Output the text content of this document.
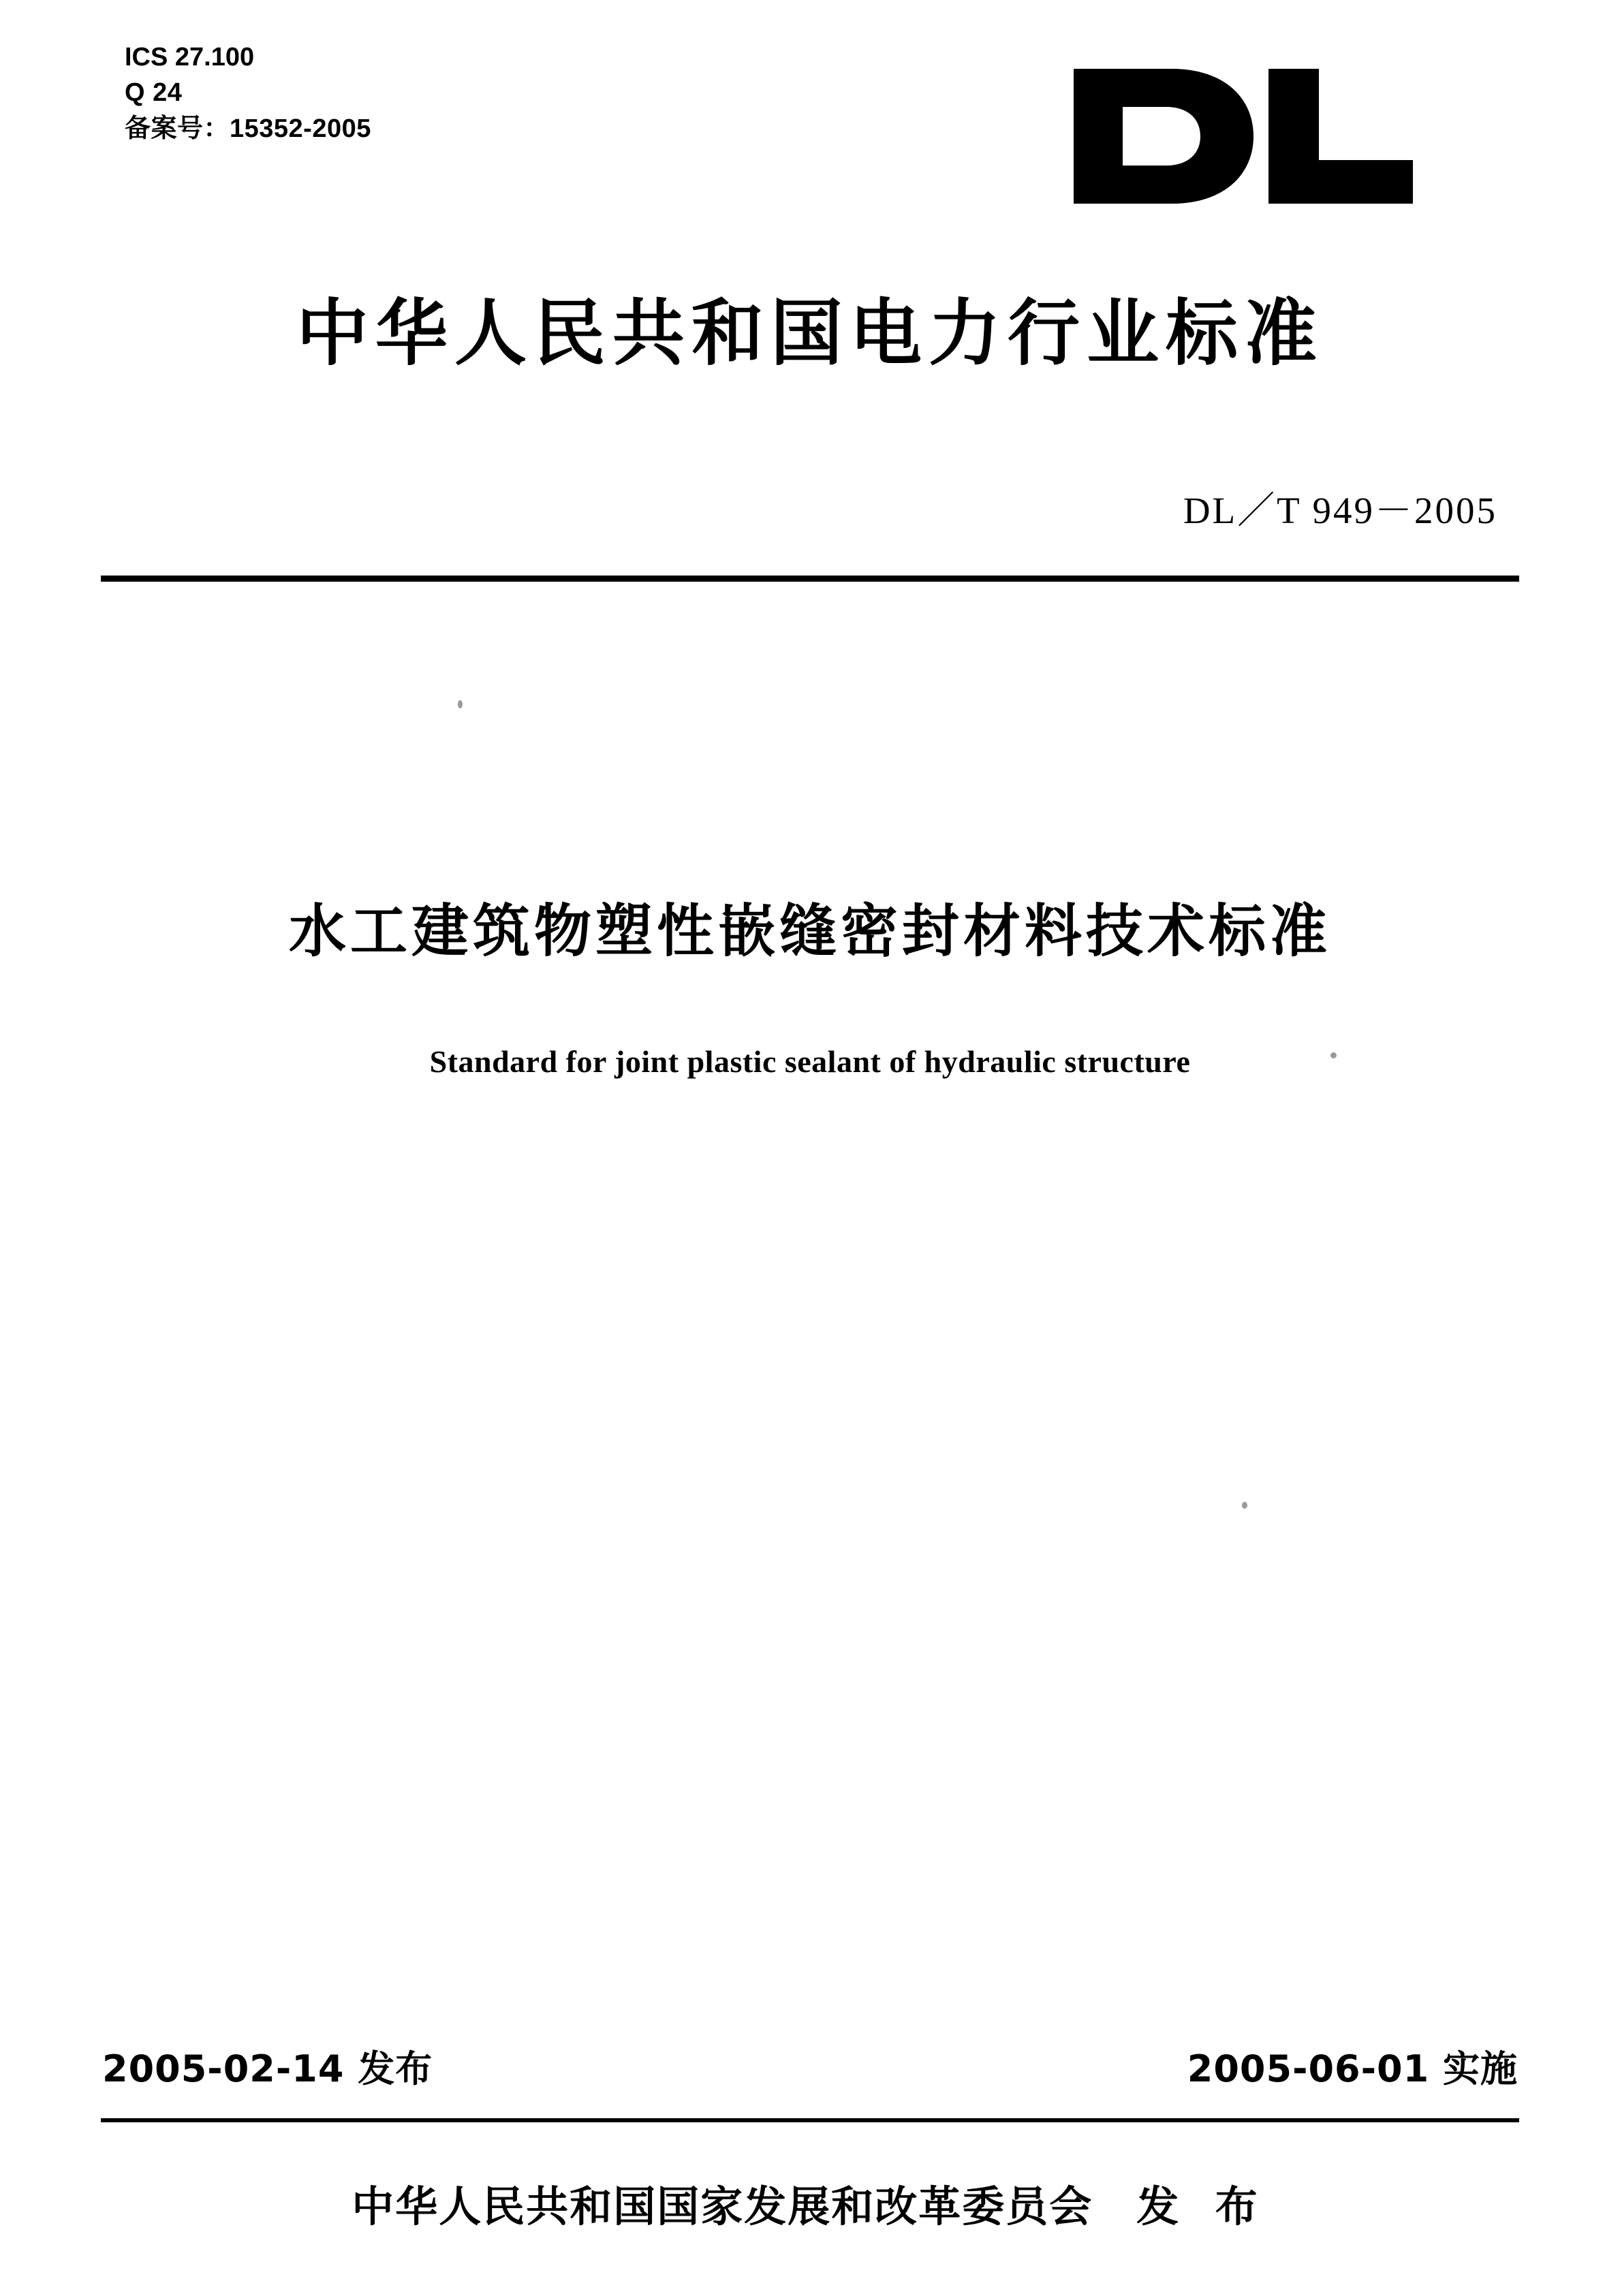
ICS 27.100
Q 24
备案号：15352-2005
中华人民共和国电力行业标准
DL／T 949－2005
水工建筑物塑性嵌缝密封材料技术标准
Standard for joint plastic sealant of hydraulic structure
2005-02-14 发布	2005-06-01 实施
中华人民共和国国家发展和改革委员会 发 布
